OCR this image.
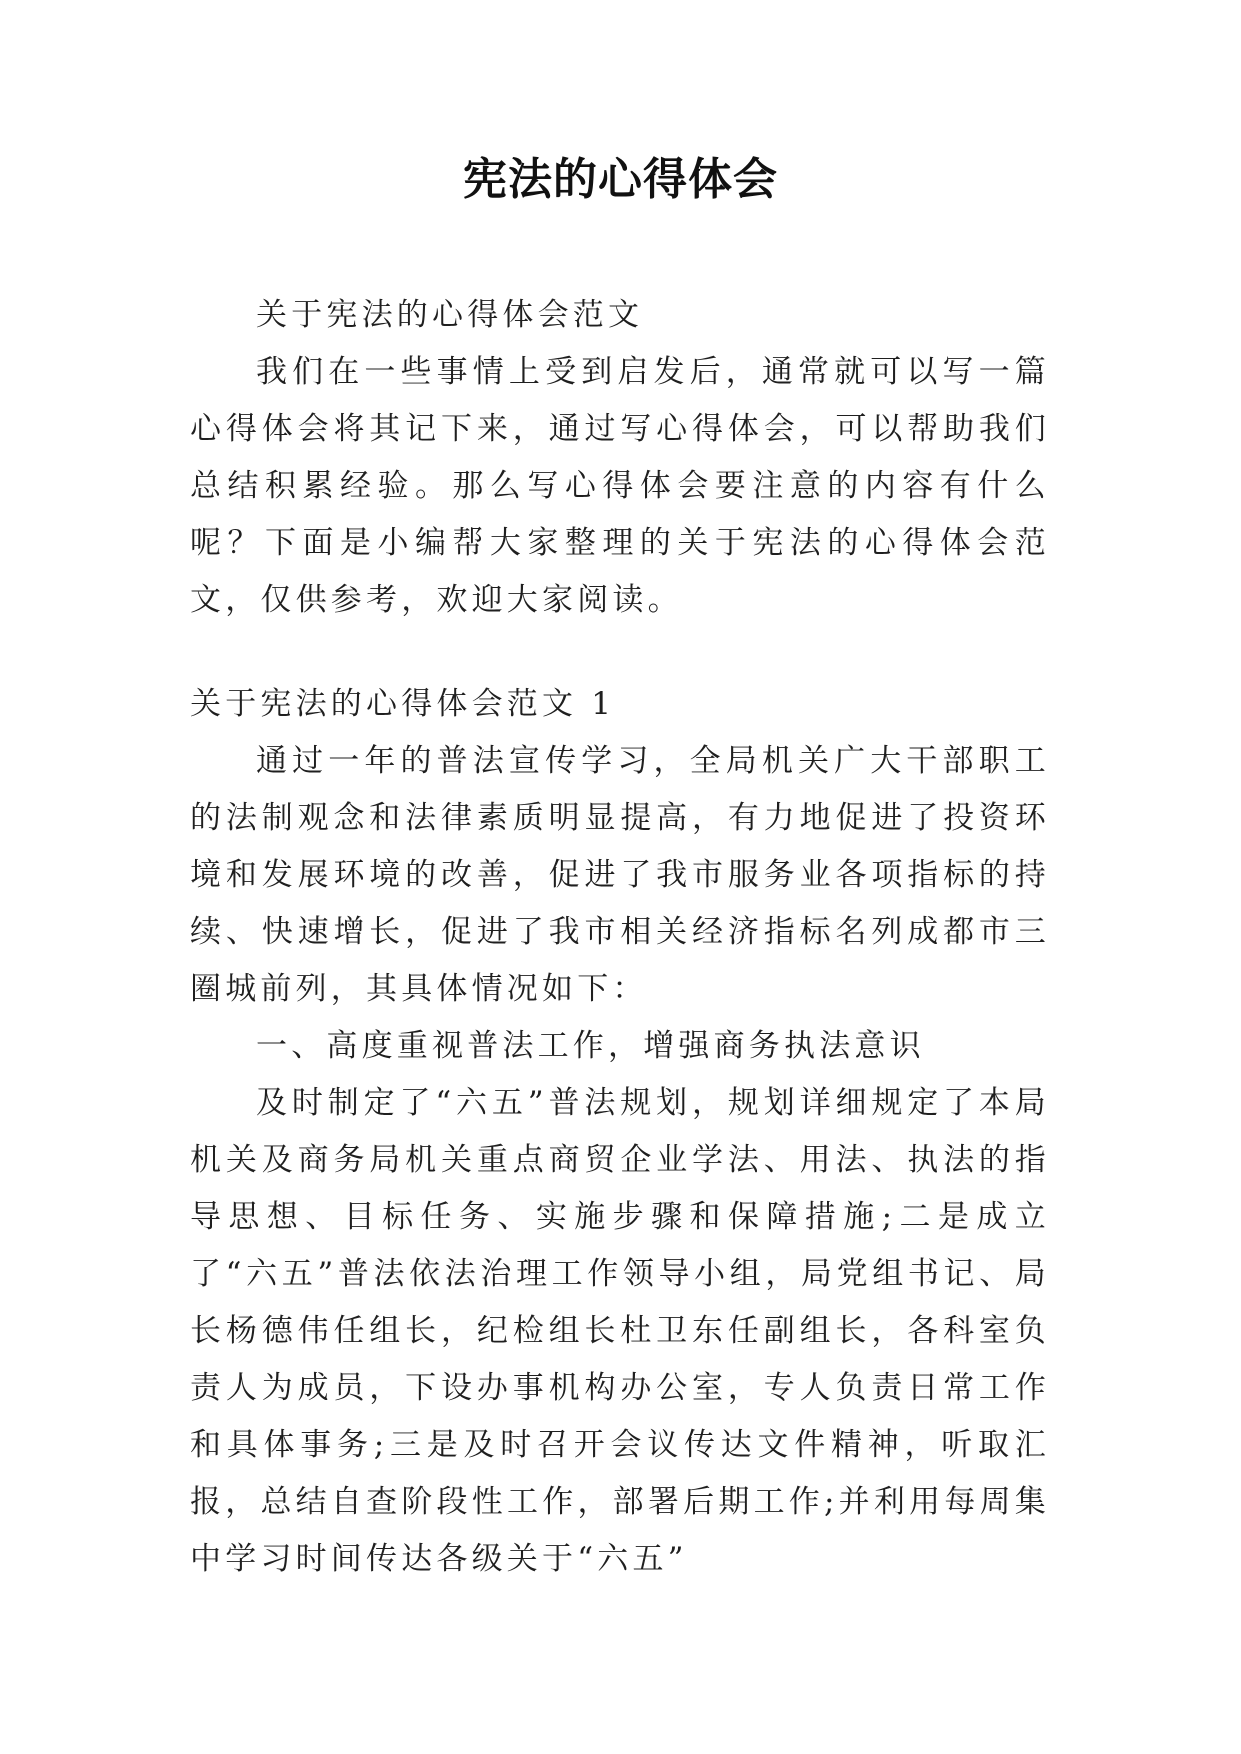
宪法的心得体会

关于宪法的心得体会范文

我们在一些事情上受到启发后，通常就可以写一篇心得体会将其记下来，通过写心得体会，可以帮助我们总结积累经验。那么写心得体会要注意的内容有什么呢？下面是小编帮大家整理的关于宪法的心得体会范文，仅供参考，欢迎大家阅读。

关于宪法的心得体会范文 1

通过一年的普法宣传学习，全局机关广大干部职工的法制观念和法律素质明显提高，有力地促进了投资环境和发展环境的改善，促进了我市服务业各项指标的持续、快速增长，促进了我市相关经济指标名列成都市三圈城前列，其具体情况如下：

一、高度重视普法工作，增强商务执法意识

及时制定了“六五”普法规划，规划详细规定了本局机关及商务局机关重点商贸企业学法、用法、执法的指导思想、目标任务、实施步骤和保障措施;二是成立了“六五”普法依法治理工作领导小组，局党组书记、局长杨德伟任组长，纪检组长杜卫东任副组长，各科室负责人为成员，下设办事机构办公室，专人负责日常工作和具体事务;三是及时召开会议传达文件精神，听取汇报，总结自查阶段性工作，部署后期工作;并利用每周集中学习时间传达各级关于“六五”
